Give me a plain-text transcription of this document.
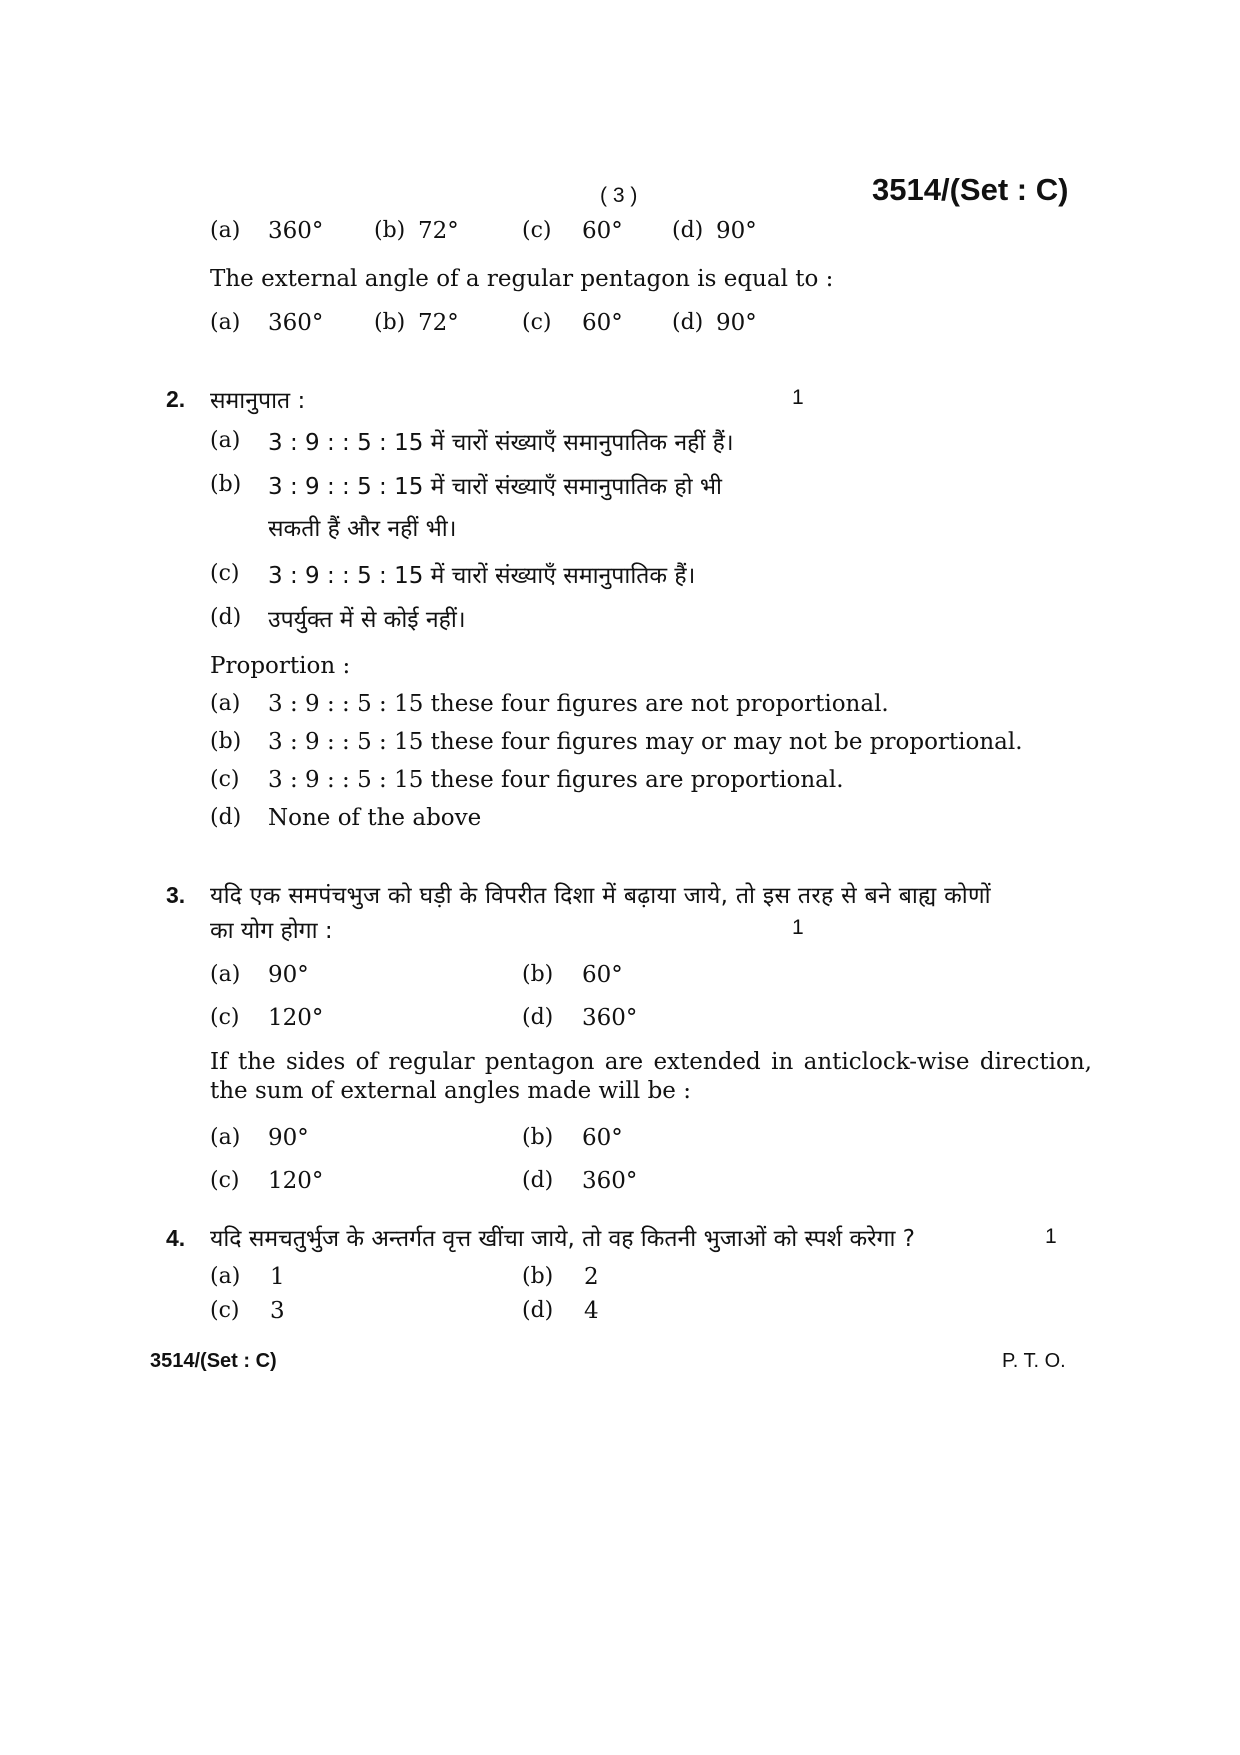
( 3 )	3514/(Set : C)
(a) 360° (b) 72°	(c) 60° (d) 90°
The external angle of a regular pentagon is equal to :
(a) 360° (b) 72°	(c) 60° (d) 90°
2. समानुपात :	1
(a) 3 : 9 : : 5 : 15 में चारों संख्याएँ समानुपातिक नहीं हैं।
(b) 3 : 9 : : 5 : 15 में चारों संख्याएँ समानुपातिक हो भी
सकती हैं और नहीं भी।
(c) 3 : 9 : : 5 : 15 में चारों संख्याएँ समानुपातिक हैं।
(d) उपर्युक्त में से कोई नहीं।
Proportion :
(a) 3 : 9 : : 5 : 15 these four figures are not proportional.
(b) 3 : 9 : : 5 : 15 these four figures may or may not be proportional.
(c) 3 : 9 : : 5 : 15 these four figures are proportional.
(d) None of the above
3. यदि एक समपंचभुज को घड़ी के विपरीत दिशा में बढ़ाया जाये, तो इस तरह से बने बाह्य कोणों
का योग होगा :	1
(a) 90°	(b) 60°
(c) 120°	(d) 360°
If the sides of regular pentagon are extended in anticlock-wise direction, the sum of external angles made will be :
(a) 90°	(b) 60°
(c) 120°	(d) 360°
4. यदि समचतुर्भुज के अन्तर्गत वृत्त खींचा जाये, तो वह कितनी भुजाओं को स्पर्श करेगा ?	1
(a) 1	(b) 2
(c) 3	(d) 4
3514/(Set : C)	P. T. O.
